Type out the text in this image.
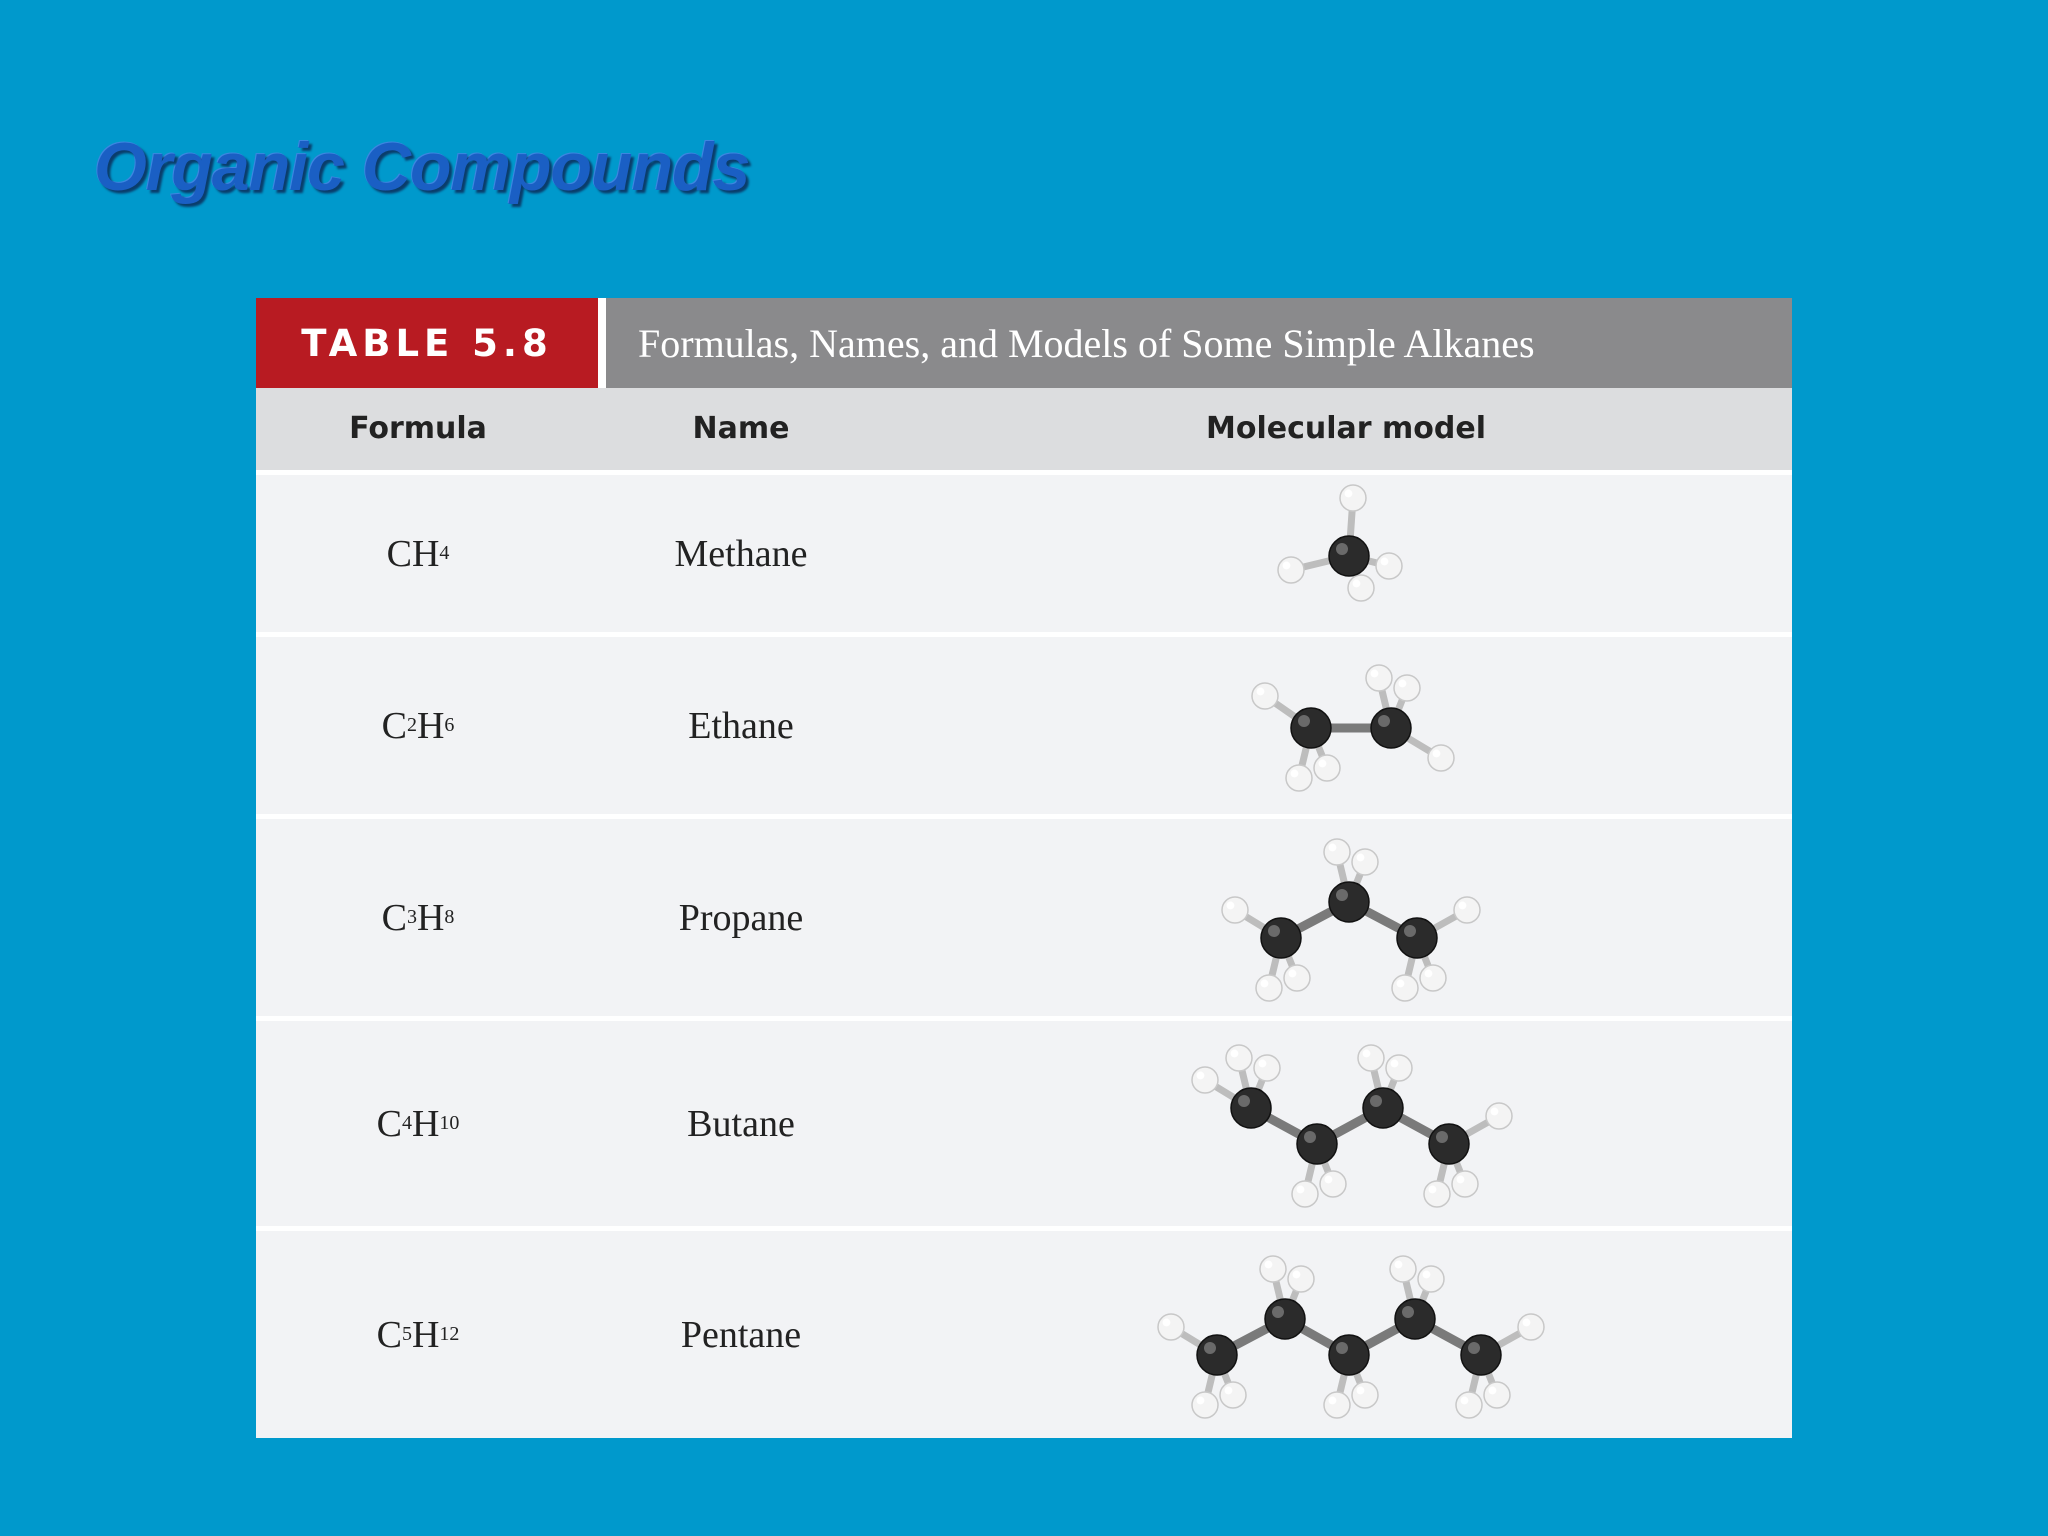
Organic Compounds
TABLE 5.8	Formulas, Names, and Models of Some Simple Alkanes
Formula	Name	Molecular model
C H 4	Methane
C 2 H 6	Ethane
C 3 H 8	Propane
C 4 H 10	Butane
C 5 H 12	Pentane
